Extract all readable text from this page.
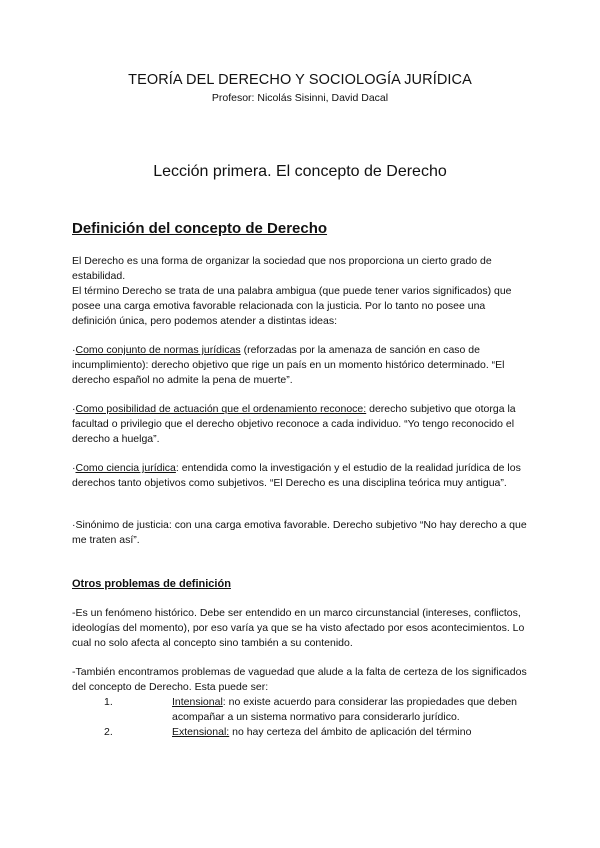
TEORÍA DEL DERECHO Y SOCIOLOGÍA JURÍDICA
Profesor: Nicolás Sisinni, David Dacal
Lección primera. El concepto de Derecho
Definición del concepto de Derecho
El Derecho es una forma de organizar la sociedad que nos proporciona un cierto grado de estabilidad.
El término Derecho se trata de una palabra ambigua (que puede tener varios significados) que posee una carga emotiva favorable relacionada con la justicia. Por lo tanto no posee una definición única, pero podemos atender a distintas ideas:
·Como conjunto de normas jurídicas (reforzadas por la amenaza de sanción en caso de incumplimiento): derecho objetivo que rige un país en un momento histórico determinado. “El derecho español no admite la pena de muerte”.
·Como posibilidad de actuación que el ordenamiento reconoce: derecho subjetivo que otorga la facultad o privilegio que el derecho objetivo reconoce a cada individuo. “Yo tengo reconocido el derecho a huelga”.
·Como ciencia jurídica: entendida como la investigación y el estudio de la realidad jurídica de los derechos tanto objetivos como subjetivos. “El Derecho es una disciplina teórica muy antigua”.
·Sinónimo de justicia: con una carga emotiva favorable. Derecho subjetivo “No hay derecho a que me traten así”.
Otros problemas de definición
-Es un fenómeno histórico. Debe ser entendido en un marco circunstancial (intereses, conflictos, ideologías del momento), por eso varía ya que se ha visto afectado por esos acontecimientos. Lo cual no solo afecta al concepto sino también a su contenido.
-También encontramos problemas de vaguedad que alude a la falta de certeza de los significados del concepto de Derecho. Esta puede ser:
1.	Intensional: no existe acuerdo para considerar las propiedades que deben acompañar a un sistema normativo para considerarlo jurídico.
2.	Extensional: no hay certeza del ámbito de aplicación del término
